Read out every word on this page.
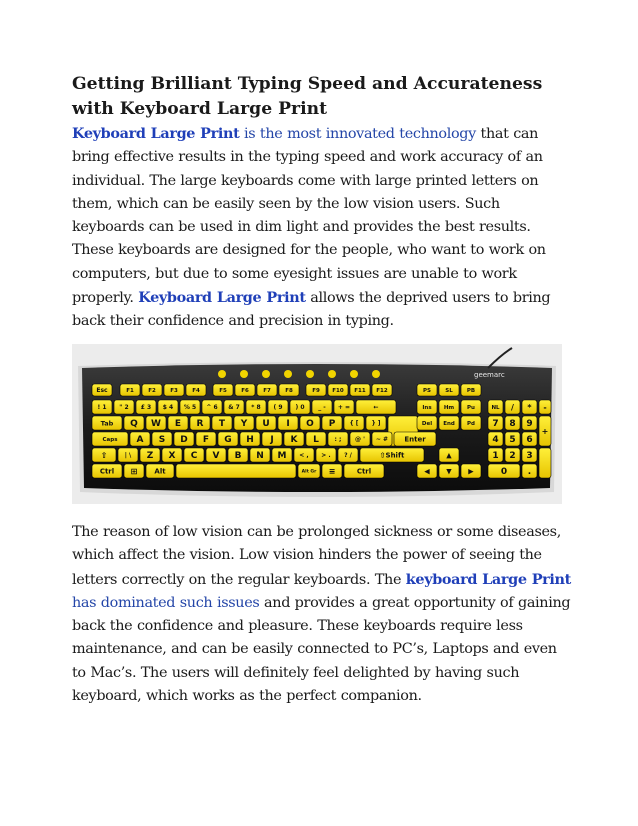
Getting Brilliant Typing Speed and Accurateness with Keyboard Large Print

Keyboard Large Print is the most innovated technology that can bring effective results in the typing speed and work accuracy of an individual. The large keyboards come with large printed letters on them, which can be easily seen by the low vision users. Such keyboards can be used in dim light and provides the best results. These keyboards are designed for the people, who want to work on computers, but due to some eyesight issues are unable to work properly. Keyboard Large Print allows the deprived users to bring back their confidence and precision in typing.

Esc	F1	F2	F3	F4	F5	F6	F7	F8	F9 F10 F11 F12	PS	SL	PB
! 1 " 2 £ 3 $ 4 % 5 ^ 6 & 7 * 8 ( 9 ) 0 _ - + =	←
Tab Q W E R T Y U I O P { [ } ]
Caps A S D F G H J K L	: ; @ ' ~ # Enter
⇧	| \ Z X C V B N M < , > . ? /	⇧Shift
Ctrl ⊞ Alt	Alt Gr ≡	Ctrl
Ins Hm Pu
Del End Pd
▲
◀ ▼ ▶
NL / * -
7 8 9
+
4 5 6
1 2 3
0 .
geemarc

The reason of low vision can be prolonged sickness or some diseases, which affect the vision. Low vision hinders the power of seeing the letters correctly on the regular keyboards. The keyboard Large Print has dominated such issues and provides a great opportunity of gaining back the confidence and pleasure. These keyboards require less maintenance, and can be easily connected to PC’s, Laptops and even to Mac’s. The users will definitely feel delighted by having such keyboard, which works as the perfect companion.
